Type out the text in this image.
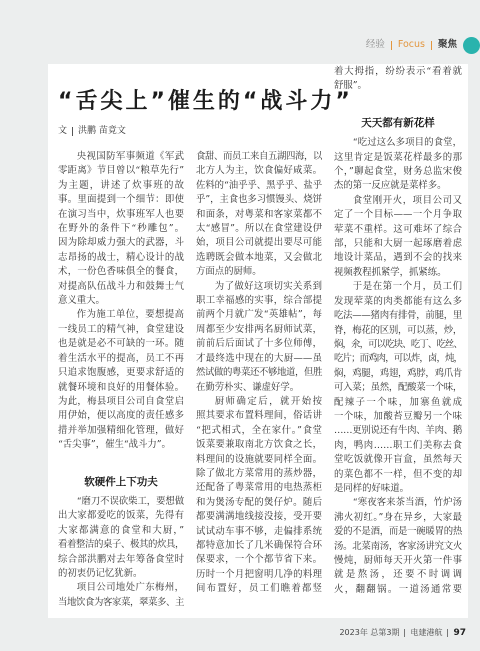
经验 Focus 聚焦
“舌尖上”催生的“战斗力”
文 洪鹏 苗竟文
央视国防军事频道《军武
零距离》节目曾以“粮草先行”
为主题，讲述了炊事班的故
事。里面提到一个细节：即使
在演习当中，炊事班军人也要
在野外的条件下“秒雕包”。
因为除却威力强大的武器，斗
志昂扬的战士，精心设计的战
术，一份色香味俱全的餐食，
对提高队伍战斗力和鼓舞士气
意义重大。
作为施工单位，要想提高
一线员工的精气神，食堂建设
也是就是必不可缺的一环。随
着生活水平的提高，员工不再
只追求饱腹感，更要求舒适的
就餐环境和良好的用餐体验。
为此，梅县项目公司自食堂启
用伊始，便以高度的责任感多
措并举加强精细化管理，做好
“舌尖事”，催生“战斗力”。
软硬件上下功夫
“磨刀不误砍柴工，要想做
出大家都爱吃的饭菜，先得有
大家都满意的食堂和大厨，”
看着整洁的桌子、极其的炊具，
综合部洪鹏对去年筹备食堂时
的初衷仍记忆犹新。
项目公司地处广东梅州，
当地饮食为客家菜，翠菜多、主
食甜、而员工来自五湖四海，以
北方人为主，饮食偏好咸菜。
佐料的“油乎乎、黑乎乎、盐乎
乎”，主食也多习惯馒头、烧饼
和面条，对粤菜和客家菜都不
太“感冒”。所以在食堂建设伊
始，项目公司就提出要尽可能
选聘既会做本地菜，又会做北
方面点的厨师。
为了做好这项切实关系到
职工幸福感的实事，综合部提
前两个月就广发“英雄帖”，每
周都至少安排两名厨师试菜，
前前后后面试了十多位师傅，
才最终选中现在的大厨——虽
然试做的粤菜还不够地道，但胜
在勤劳朴实、谦虚好学。
厨师确定后，就开始按
照其要求布置料理间，俗话讲
“把式相式，全在家什。”食堂
饭菜要兼取南北方饮食之长，
料理间的设施就要同样全面。
除了做北方菜常用的蒸炒器，
还配备了粤菜常用的电热蒸柜
和为煲汤专配的煲仔炉。随后
都要满满地线接没接，受开要
试试动车事不够，走偏排系统
都特意加长了几米确保符合环
保要求，一个个都节省下来。
历时一个月把窗明几净的料理
间布置好，员工们瞧着都竖
着大拇指，纷纷表示“看着就
舒服”。
天天都有新花样
“吃过这么多项目的食堂，
这里肯定是饭菜花样最多的那
个，”聊起食堂，财务总监宋俊
杰的第一反应就是菜样多。
食堂刚开火，项目公司又
定了一个目标——一个月争取
荤菜不重样。这可难坏了综合
部，只能和大厨一起琢磨着虑
地设计菜品，遇到不会的找来
视频教程抓紧学，抓紧练。
于是在第一个月，员工们
发现荤菜的肉类都能有这么多
吃法——猪肉有排骨，前腿，里
脊，梅花的区别，可以蒸，炒，
焖，氽，可以吃块、吃丁、吃丝、
吃片；而鸡肉，可以炸，卤，炖，
焖，鸡腿，鸡翅，鸡脖，鸡爪肯
可入菜；虽然，配酸菜一个味，
配辣子一个味，加寨鱼就成
一个味，加酸苔豆瓣另一个味
……更别说还有牛肉、羊肉、鹅
肉，鸭肉……职工们美称去食
堂吃饭就像开盲盒，虽然每天
的菜色都不一样，但不变的却
是同样的好味道。
“寒夜客来茶当酒，竹炉汤
沸火初红。”身在异乡，大家最
爱的不是酒，而是一碗暖胃的热
汤。北菜南汤，客家汤讲究文火
慢炖，厨师每天开火第一件事
就是熬汤，还要不时调调
火，翻翻锅。一道汤通常要
2023年 总第3期 电建港航 97
